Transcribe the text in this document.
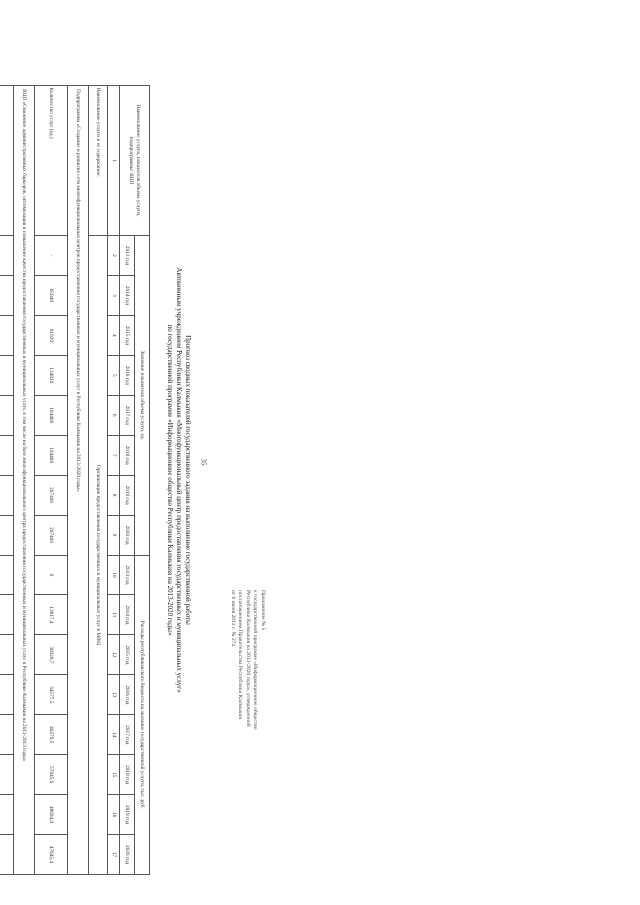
35
Приложение № 5
к государственной программе «Информационное общество
Республики Калмыкия на 2013-2020 годы», утвержденной
постановлением Правительства Республики Калмыкия
от 6 июня 2013 г. № 274
Прогноз сводных показателей государственного задания на выполнение государственной работы
Автономным учреждением Республики Калмыкия «Многофункциональный центр предоставления государственных и муниципальных услуг»
по государственной программе «Информационное общество Республики Калмыкия на 2013-2020 годы»
Наименование услуги, показателя объема услуги, подпрограммы/ ВЦП	Значение показателя объема услуги, ед.								Расходы республиканского бюджета на оказание государственной услуги, тыс. руб.							
	2013 год	2014 год	2015 год	2016 год	2017 год	2018 год	2019 год	2020 год	2013 год	2014 год	2015 год	2016 год	2017 год	2018 год	2019 год	2020 год
1	2	3	4	5	6	7	8	9	10	11	12	13	14	15	16	17
Наименование услуги и ее содержание:	Организация предоставления государственных и муниципальных услуг в МФЦ															
Подпрограмма «Создание и развитие сети многофункциональных центров предоставления государственных и муниципальных услуг в Республике Калмыкия на 2013-2020 годы»																
Количество услуг (ед.)	-	65948	91920	134820	184460	194460	207400	207400	0	13817,4	30928,7	34577,5	40279,5	57845,0	48694,9	47645,4
ВЦП «Снижение административных барьеров, оптимизация и повышение качества предоставления государственных и муниципальных услуг, в том числе на базе многофункционального центра предоставления государственных и муниципальных услуг в Республике Калмыкия на 2011-2013 годы»																
